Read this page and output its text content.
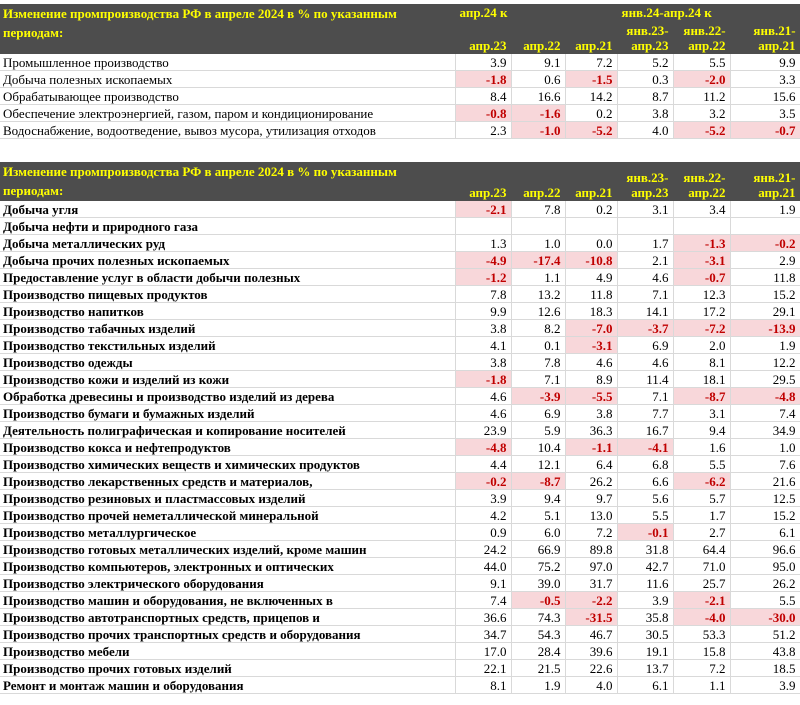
Изменение промпроизводства РФ в апреле 2024 в % по указанным периодам:	апр.24 к			янв.24-апр.24 к		
	апр.23	апр.22	апр.21	янв.23-апр.23	янв.22-апр.22	янв.21-апр.21
Промышленное производство	3.9	9.1	7.2	5.2	5.5	9.9
Добыча полезных ископаемых	-1.8	0.6	-1.5	0.3	-2.0	3.3
Обрабатывающее производство	8.4	16.6	14.2	8.7	11.2	15.6
Обеспечение электроэнергией, газом, паром и кондиционирование	-0.8	-1.6	0.2	3.8	3.2	3.5
Водоснабжение, водоотведение, вывоз мусора, утилизация отходов	2.3	-1.0	-5.2	4.0	-5.2	-0.7
Изменение промпроизводства РФ в апреле 2024 в % по указанным периодам:	апр.23	апр.22	апр.21	янв.23-апр.23	янв.22-апр.22	янв.21-апр.21
Добыча угля	-2.1	7.8	0.2	3.1	3.4	1.9
Добыча нефти и природного газа						
Добыча металлических руд	1.3	1.0	0.0	1.7	-1.3	-0.2
Добыча прочих полезных ископаемых	-4.9	-17.4	-10.8	2.1	-3.1	2.9
Предоставление услуг в области добычи полезных	-1.2	1.1	4.9	4.6	-0.7	11.8
Производство пищевых продуктов	7.8	13.2	11.8	7.1	12.3	15.2
Производство напитков	9.9	12.6	18.3	14.1	17.2	29.1
Производство табачных изделий	3.8	8.2	-7.0	-3.7	-7.2	-13.9
Производство текстильных изделий	4.1	0.1	-3.1	6.9	2.0	1.9
Производство одежды	3.8	7.8	4.6	4.6	8.1	12.2
Производство кожи и изделий из кожи	-1.8	7.1	8.9	11.4	18.1	29.5
Обработка древесины и производство изделий из дерева	4.6	-3.9	-5.5	7.1	-8.7	-4.8
Производство бумаги и бумажных изделий	4.6	6.9	3.8	7.7	3.1	7.4
Деятельность полиграфическая и копирование носителей	23.9	5.9	36.3	16.7	9.4	34.9
Производство кокса и нефтепродуктов	-4.8	10.4	-1.1	-4.1	1.6	1.0
Производство химических веществ и химических продуктов	4.4	12.1	6.4	6.8	5.5	7.6
Производство лекарственных средств и материалов,	-0.2	-8.7	26.2	6.6	-6.2	21.6
Производство резиновых и пластмассовых изделий	3.9	9.4	9.7	5.6	5.7	12.5
Производство прочей неметаллической минеральной	4.2	5.1	13.0	5.5	1.7	15.2
Производство металлургическое	0.9	6.0	7.2	-0.1	2.7	6.1
Производство готовых металлических изделий, кроме машин	24.2	66.9	89.8	31.8	64.4	96.6
Производство компьютеров, электронных и оптических	44.0	75.2	97.0	42.7	71.0	95.0
Производство электрического оборудования	9.1	39.0	31.7	11.6	25.7	26.2
Производство машин и оборудования, не включенных в	7.4	-0.5	-2.2	3.9	-2.1	5.5
Производство автотранспортных средств, прицепов и	36.6	74.3	-31.5	35.8	-4.0	-30.0
Производство прочих транспортных средств и оборудования	34.7	54.3	46.7	30.5	53.3	51.2
Производство мебели	17.0	28.4	39.6	19.1	15.8	43.8
Производство прочих готовых изделий	22.1	21.5	22.6	13.7	7.2	18.5
Ремонт и монтаж машин и оборудования	8.1	1.9	4.0	6.1	1.1	3.9
